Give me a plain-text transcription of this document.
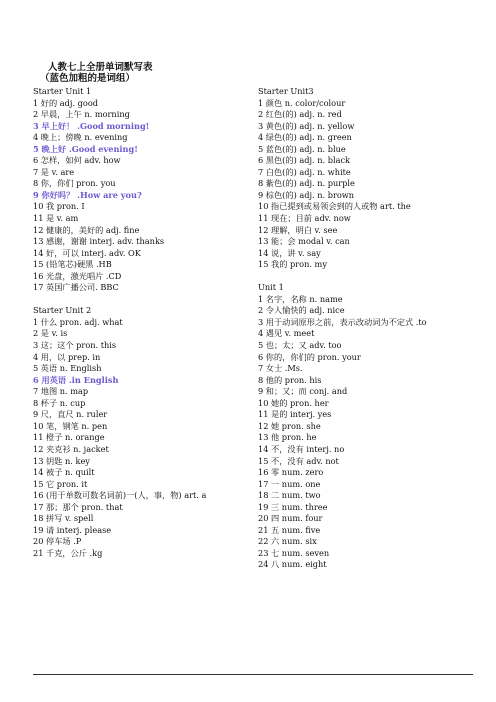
人教七上全册单词默写表
（蓝色加粗的是词组）
Starter Unit 1
1 好的 adj. good
2 早晨，上午 n. morning
3 早上好！ .Good morning!
4 晚上；傍晚 n. evening
5 晚上好 .Good evening!
6 怎样，如何 adv. how
7 是 v. are
8 你，你们 pron. you
9 你好吗？ .How are you?
10 我 pron. I
11 是 v. am
12 健康的，美好的 adj. fine
13 感谢，谢谢 interj. adv. thanks
14 好，可以 interj. adv. OK
15 (铅笔芯)硬黑 .HB
16 光盘，激光唱片 .CD
17 英国广播公司. BBC
Starter Unit 2
1 什么 pron. adj. what
2 是 v. is
3 这；这个 pron. this
4 用，以 prep. in
5 英语 n. English
6 用英语 .in English
7 地图 n. map
8 杯子 n. cup
9 尺，直尺 n. ruler
10 笔，钢笔 n. pen
11 橙子 n. orange
12 夹克衫 n. jacket
13 钥匙 n. key
14 被子 n. quilt
15 它 pron. it
16 (用于单数可数名词前)一(人，事，物) art. a
17 那；那个 pron. that
18 拼写 v. spell
19 请 interj. please
20 停车场 .P
21 千克，公斤 .kg
Starter Unit3
1 颜色 n. color/colour
2 红色(的) adj. n. red
3 黄色(的) adj. n. yellow
4 绿色(的) adj. n. green
5 蓝色(的) adj. n. blue
6 黑色(的) adj. n. black
7 白色(的) adj. n. white
8 紫色(的) adj. n. purple
9 棕色(的) adj. n. brown
10 指已提到或易领会到的人或物 art. the
11 现在；目前 adv. now
12 理解，明白 v. see
13 能；会 modal v. can
14 说，讲 v. say
15 我的 pron. my
Unit 1
1 名字，名称 n. name
2 令人愉快的 adj. nice
3 用于动词原形之前，表示改动词为不定式 .to
4 遇见 v. meet
5 也；太；又 adv. too
6 你的，你们的 pron. your
7 女士 .Ms.
8 他的 pron. his
9 和；又；而 conj. and
10 她的 pron. her
11 是的 interj. yes
12 她 pron. she
13 他 pron. he
14 不，没有 interj. no
15 不，没有 adv. not
16 零 num. zero
17 一 num. one
18 二 num. two
19 三 num. three
20 四 num. four
21 五 num. five
22 六 num. six
23 七 num. seven
24 八 num. eight
